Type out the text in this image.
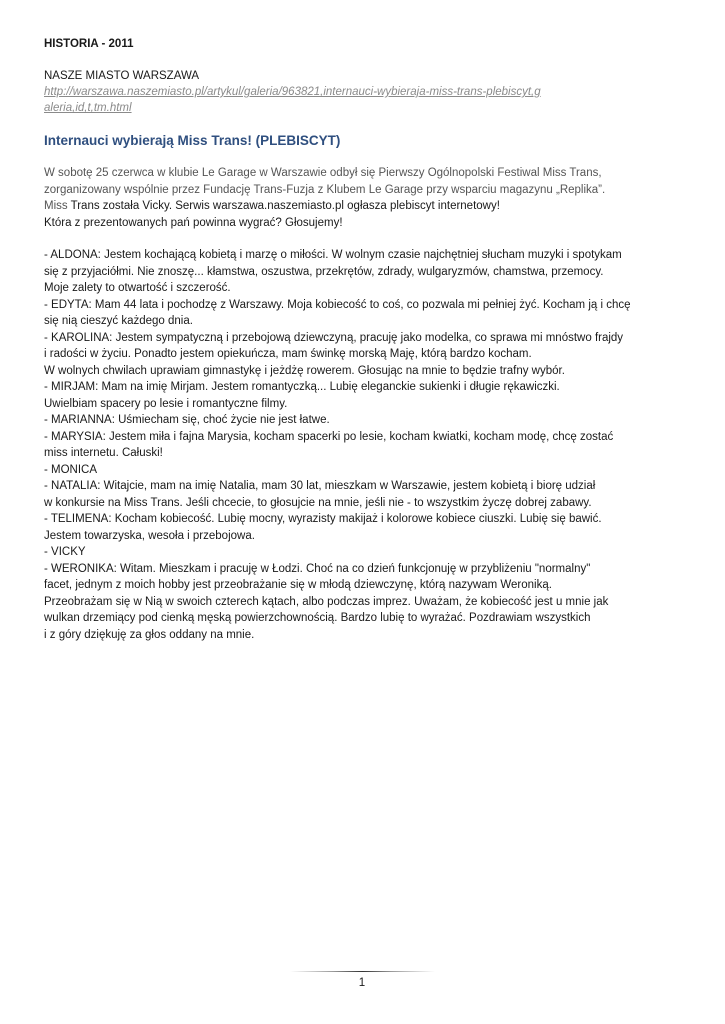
HISTORIA - 2011

NASZE MIASTO WARSZAWA

http://warszawa.naszemiasto.pl/artykul/galeria/963821,internauci-wybieraja-miss-trans-plebiscyt,galeria,id,t,tm.html

Internauci wybierają Miss Trans! (PLEBISCYT)

W sobotę 25 czerwca w klubie Le Garage w Warszawie odbył się Pierwszy Ogólnopolski Festiwal Miss Trans,

zorganizowany wspólnie przez Fundację Trans-Fuzja z Klubem Le Garage przy wsparciu magazynu „Replika”.

Miss Trans została Vicky. Serwis warszawa.naszemiasto.pl ogłasza plebiscyt internetowy!

Która z prezentowanych pań powinna wygrać? Głosujemy!

- ALDONA: Jestem kochającą kobietą i marzę o miłości. W wolnym czasie najchętniej słucham muzyki i spotykam

się z przyjaciółmi. Nie znoszę... kłamstwa, oszustwa, przekrętów, zdrady, wulgaryzmów, chamstwa, przemocy.

Moje zalety to otwartość i szczerość.

- EDYTA: Mam 44 lata i pochodzę z Warszawy. Moja kobiecość to coś, co pozwala mi pełniej żyć. Kocham ją i chcę

się nią cieszyć każdego dnia.

- KAROLINA: Jestem sympatyczną i przebojową dziewczyną, pracuję jako modelka, co sprawa mi mnóstwo frajdy

i radości w życiu. Ponadto jestem opiekuńcza, mam świnkę morską Maję, którą bardzo kocham.

W wolnych chwilach uprawiam gimnastykę i jeżdżę rowerem. Głosując na mnie to będzie trafny wybór.

- MIRJAM: Mam na imię Mirjam. Jestem romantyczką... Lubię eleganckie sukienki i długie rękawiczki.

Uwielbiam spacery po lesie i romantyczne filmy.

- MARIANNA: Uśmiecham się, choć życie nie jest łatwe.

- MARYSIA: Jestem miła i fajna Marysia, kocham spacerki po lesie, kocham kwiatki, kocham modę, chcę zostać

miss internetu. Całuski!

- MONICA

- NATALIA: Witajcie, mam na imię Natalia, mam 30 lat, mieszkam w Warszawie, jestem kobietą i biorę udział

w konkursie na Miss Trans. Jeśli chcecie, to głosujcie na mnie, jeśli nie - to wszystkim życzę dobrej zabawy.

- TELIMENA: Kocham kobiecość. Lubię mocny, wyrazisty makijaż i kolorowe kobiece ciuszki. Lubię się bawić.

Jestem towarzyska, wesoła i przebojowa.

- VICKY

- WERONIKA: Witam. Mieszkam i pracuję w Łodzi. Choć na co dzień funkcjonuję w przybliżeniu "normalny"

facet, jednym z moich hobby jest przeobrażanie się w młodą dziewczynę, którą nazywam Weroniką.

Przeobrażam się w Nią w swoich czterech kątach, albo podczas imprez. Uważam, że kobiecość jest u mnie jak

wulkan drzemiący pod cienką męską powierzchownością. Bardzo lubię to wyrażać. Pozdrawiam wszystkich

i z góry dziękuję za głos oddany na mnie.

1
